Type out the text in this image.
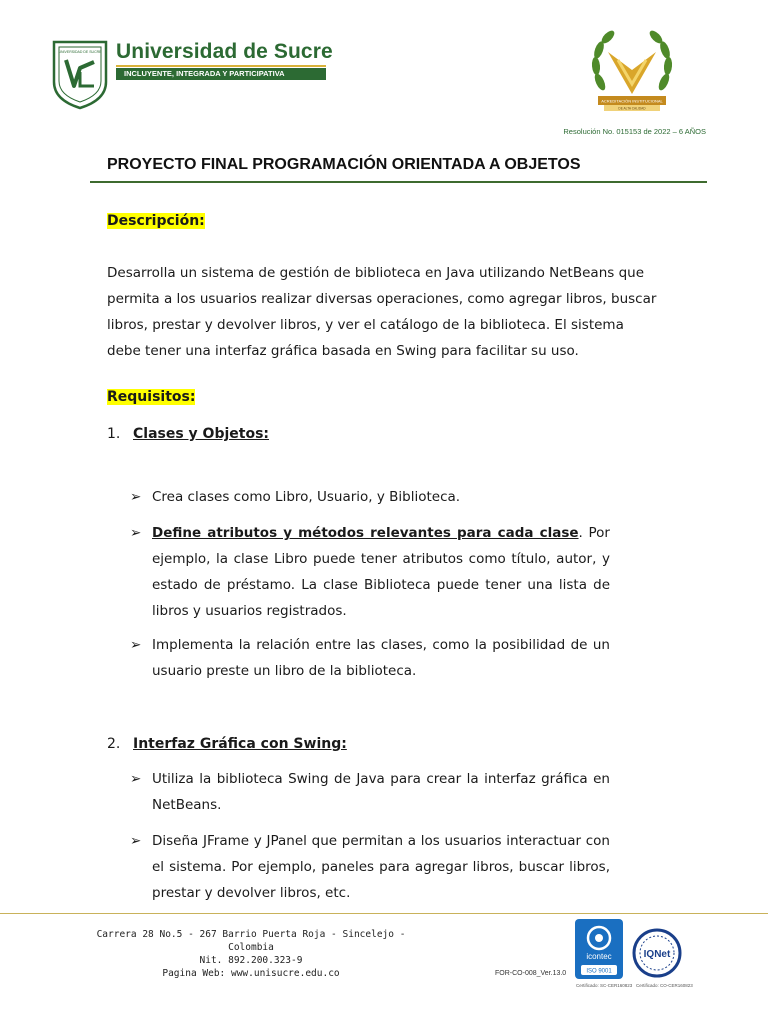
UNIVERSIDAD DE SUCRE Universidad de Sucre
INCLUYENTE, INTEGRADA Y PARTICIPATIVA
ACREDITACIÓN INSTITUCIONAL
DE ALTA CALIDAD
Resolución No. 015153 de 2022 – 6 AÑOS
PROYECTO FINAL PROGRAMACIÓN ORIENTADA A OBJETOS
Descripción:
Desarrolla un sistema de gestión de biblioteca en Java utilizando NetBeans que permita a los usuarios realizar diversas operaciones, como agregar libros, buscar libros, prestar y devolver libros, y ver el catálogo de la biblioteca. El sistema debe tener una interfaz gráfica basada en Swing para facilitar su uso.
Requisitos:
1. Clases y Objetos:
➢ Crea clases como Libro, Usuario, y Biblioteca.
➢ Define atributos y métodos relevantes para cada clase. Por ejemplo, la clase Libro puede tener atributos como título, autor, y estado de préstamo. La clase Biblioteca puede tener una lista de libros y usuarios registrados.
➢ Implementa la relación entre las clases, como la posibilidad de un usuario preste un libro de la biblioteca.
2. Interfaz Gráfica con Swing:
➢ Utiliza la biblioteca Swing de Java para crear la interfaz gráfica en NetBeans.
➢ Diseña JFrame y JPanel que permitan a los usuarios interactuar con el sistema. Por ejemplo, paneles para agregar libros, buscar libros, prestar y devolver libros, etc.
Carrera 28 No.5 - 267 Barrio Puerta Roja - Sincelejo - Colombia
Nit. 892.200.323-9
Pagina Web: www.unisucre.edu.co	FOR-CO-008_Ver.13.0
icontec
ISO 9001
IQNet
Certificado: SC-CER160823 Certificado: CO-CER160823
